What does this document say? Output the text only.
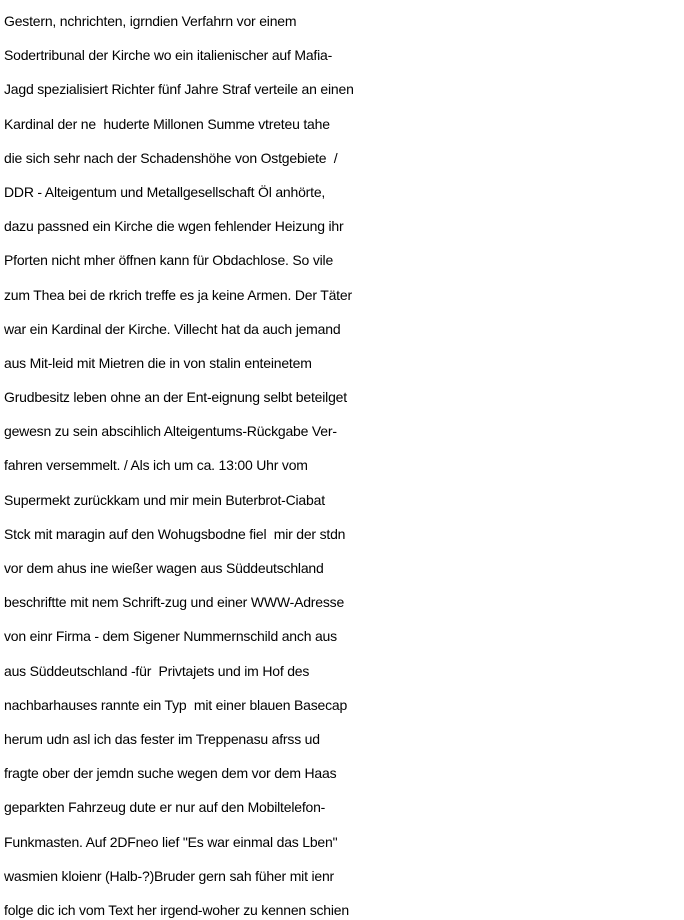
Gestern, nchrichten, igrndien Verfahrn vor einem
Sodertribunal der Kirche wo ein italienischer auf Mafia-
Jagd spezialisiert Richter fünf Jahre Straf verteile an einen
Kardinal der ne  huderte Millonen Summe vtreteu tahe
die sich sehr nach der Schadenshöhe von Ostgebiete  /
DDR - Alteigentum und Metallgesellschaft Öl anhörte,
dazu passned ein Kirche die wgen fehlender Heizung ihr
Pforten nicht mher öffnen kann für Obdachlose. So vile
zum Thea bei de rkrich treffe es ja keine Armen. Der Täter
war ein Kardinal der Kirche. Villecht hat da auch jemand
aus Mit-leid mit Mietren die in von stalin enteinetem
Grudbesitz leben ohne an der Ent-eignung selbt beteilget
gewesn zu sein abscihlich Alteigentums-Rückgabe Ver-
fahren versemmelt. / Als ich um ca. 13:00 Uhr vom
Supermekt zurückkam und mir mein Buterbrot-Ciabat
Stck mit maragin auf den Wohugsbodne fiel  mir der stdn
vor dem ahus ine wießer wagen aus Süddeutschland
beschriftte mit nem Schrift-zug und einer WWW-Adresse
von einr Firma - dem Sigener Nummernschild anch aus
aus Süddeutschland -für  Privtajets und im Hof des
nachbarhauses rannte ein Typ  mit einer blauen Basecap
herum udn asl ich das fester im Treppenasu afrss ud
fragte ober der jemdn suche wegen dem vor dem Haas
geparkten Fahrzeug dute er nur auf den Mobiltelefon-
Funkmasten. Auf 2DFneo lief "Es war einmal das Lben"
wasmien kloienr (Halb-?)Bruder gern sah füher mit ienr
folge dic ich vom Text her irgend-woher zu kennen schien
